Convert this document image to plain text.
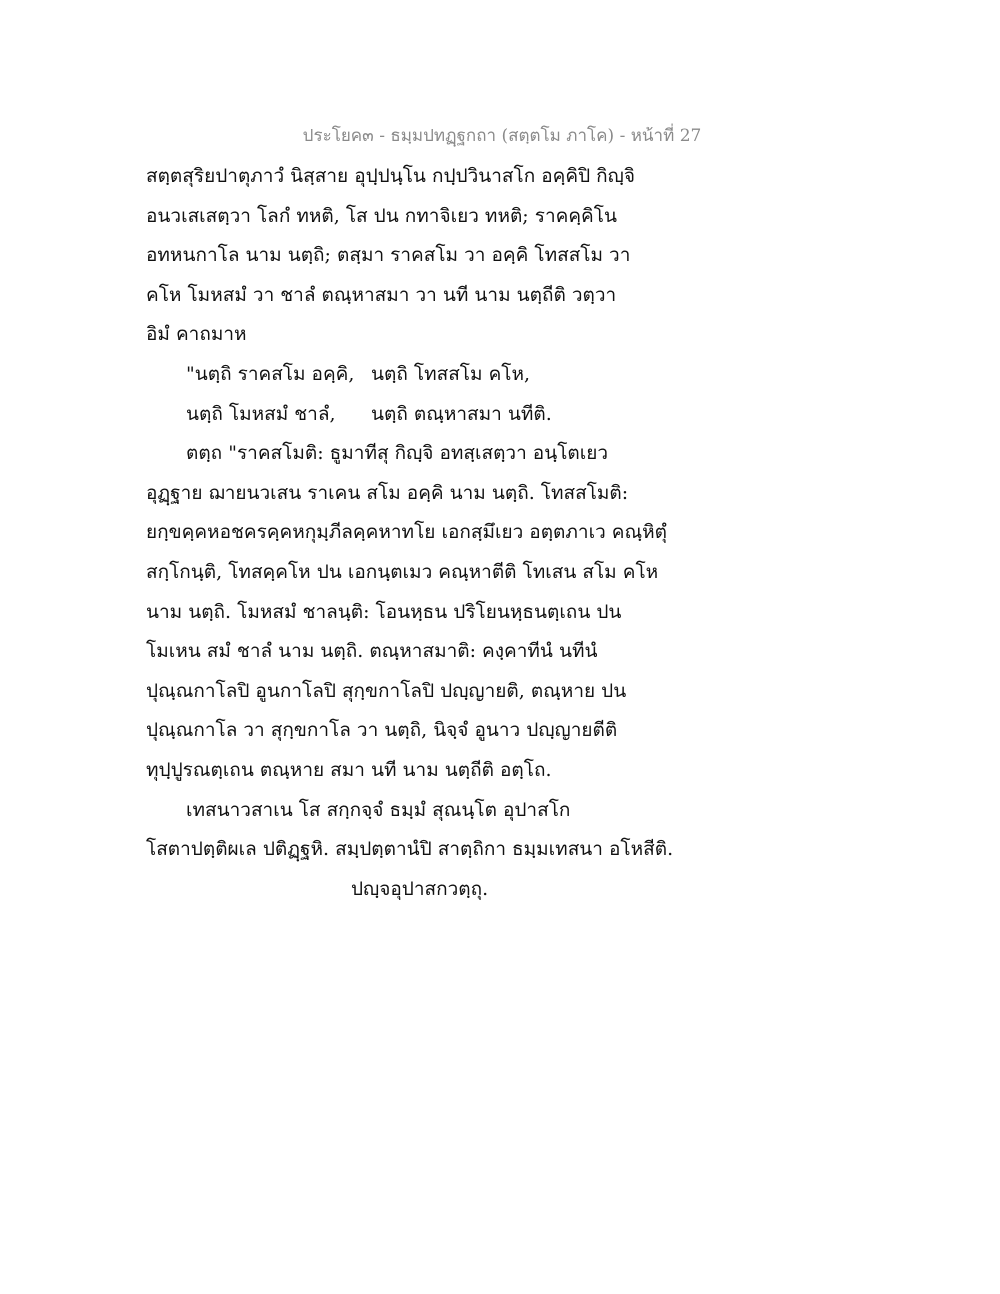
ประโยค๓ - ธมฺมปทฏฺฐกถา (สตฺตโม ภาโค) - หน้าที่ 27
สตฺตสุริยปาตุภาวํ นิสฺสาย อุปฺปนฺโน กปฺปวินาสโก อคฺคิปิ กิญฺจิ
อนวเสเสตฺวา โลกํ ทหติ, โส ปน กทาจิเยว ทหติ; ราคคฺคิโน
อทหนกาโล นาม นตฺถิ; ตสฺมา ราคสโม วา อคฺคิ โทสสโม วา
คโห โมหสมํ วา ชาลํ ตณฺหาสมา วา นที นาม นตฺถีติ วตฺวา
อิมํ คาถมาห
"นตฺถิ ราคสโม อคฺคิ, นตฺถิ โทสสโม คโห,
นตฺถิ โมหสมํ ชาลํ, นตฺถิ ตณฺหาสมา นทีติ.
ตตฺถ "ราคสโมติ: ธูมาทีสุ กิญฺจิ อทสฺเสตฺวา อนฺโตเยว
อุฏฺฐาย ฌายนวเสน ราเคน สโม อคฺคิ นาม นตฺถิ. โทสสโมติ:
ยกฺขคฺคหอชครคฺคหกุมฺภีลคฺคหาทโย เอกสฺมึเยว อตฺตภาเว คณฺหิตุํ
สกฺโกนฺติ, โทสคฺคโห ปน เอกนฺตเมว คณฺหาตีติ โทเสน สโม คโห
นาม นตฺถิ. โมหสมํ ชาลนฺติ: โอนหฺธน ปริโยนหฺธนตฺเถน ปน
โมเหน สมํ ชาลํ นาม นตฺถิ. ตณฺหาสมาติ: คงฺคาทีนํ นทีนํ
ปุณฺณกาโลปิ อูนกาโลปิ สุกฺขกาโลปิ ปญฺญายติ, ตณฺหาย ปน
ปุณฺณกาโล วา สุกฺขกาโล วา นตฺถิ, นิจฺจํ อูนาว ปญฺญายตีติ
ทุปฺปูรณตฺเถน ตณฺหาย สมา นที นาม นตฺถีติ อตฺโถ.
เทสนาวสาเน โส สกฺกจฺจํ ธมฺมํ สุณนฺโต อุปาสโก
โสตาปตฺติผเล ปติฏฺฐหิ. สมฺปตฺตานํปิ สาตฺถิกา ธมฺมเทสนา อโหสีติ.
ปญฺจอุปาสกวตฺถุ.
